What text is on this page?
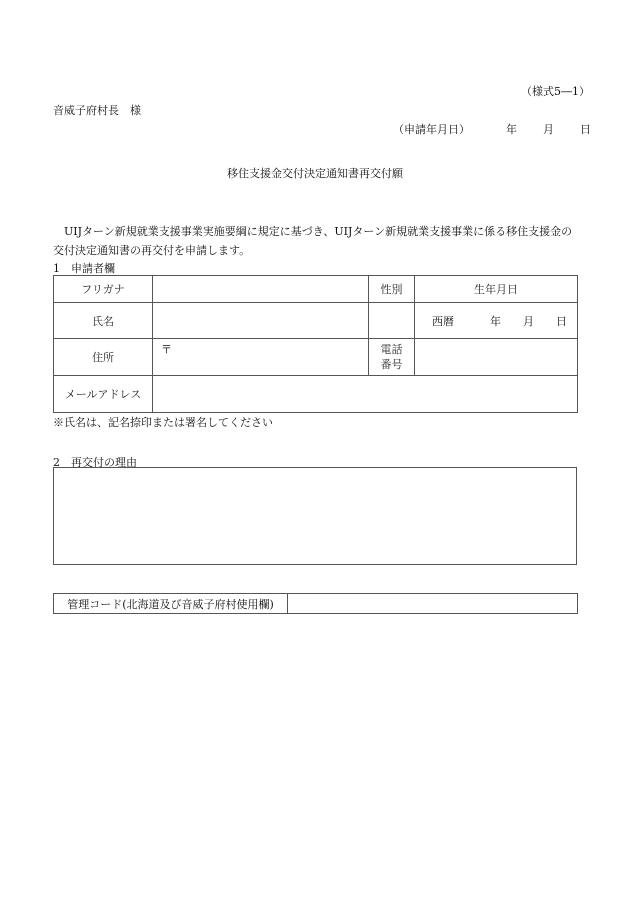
（様式5―1）
音威子府村長　様
（申請年月日）	年 月 日
移住支援金交付決定通知書再交付願
UIJターン新規就業支援事業実施要綱に規定に基づき、UIJターン新規就業支援事業に係る移住支援金の交付決定通知書の再交付を申請します。
1　申請者欄
フリガナ		性別	生年月日
氏名			西暦 年 月 日
住所	〒	電話
番号	
メールアドレス			
※氏名は、記名捺印または署名してください
2　再交付の理由
管理コード(北海道及び音威子府村使用欄)	
